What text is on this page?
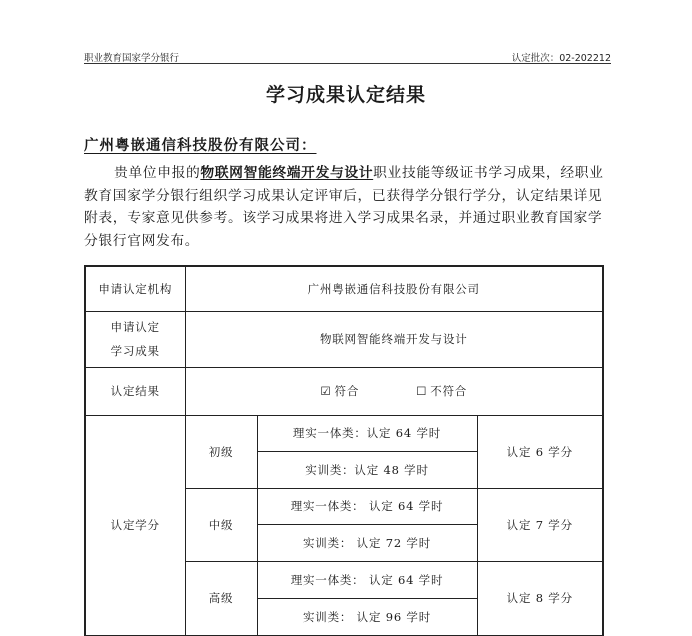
职业教育国家学分银行	认定批次：02-202212
学习成果认定结果
广州粤嵌通信科技股份有限公司：
贵单位申报的物联网智能终端开发与设计职业技能等级证书学习成果，经职业教育国家学分银行组织学习成果认定评审后，已获得学分银行学分，认定结果详见附表，专家意见供参考。该学习成果将进入学习成果名录，并通过职业教育国家学分银行官网发布。
申请认定机构	广州粤嵌通信科技股份有限公司		

申请认定
学习成果	物联网智能终端开发与设计		
认定结果	☑ 符合 ☐ 不符合		
认定学分	初级	理实一体类：认定 64 学时	认定 6 学分
		实训类：认定 48 学时	
	中级	理实一体类： 认定 64 学时	认定 7 学分
		实训类： 认定 72 学时	
	高级	理实一体类： 认定 64 学时	认定 8 学分
		实训类： 认定 96 学时	
